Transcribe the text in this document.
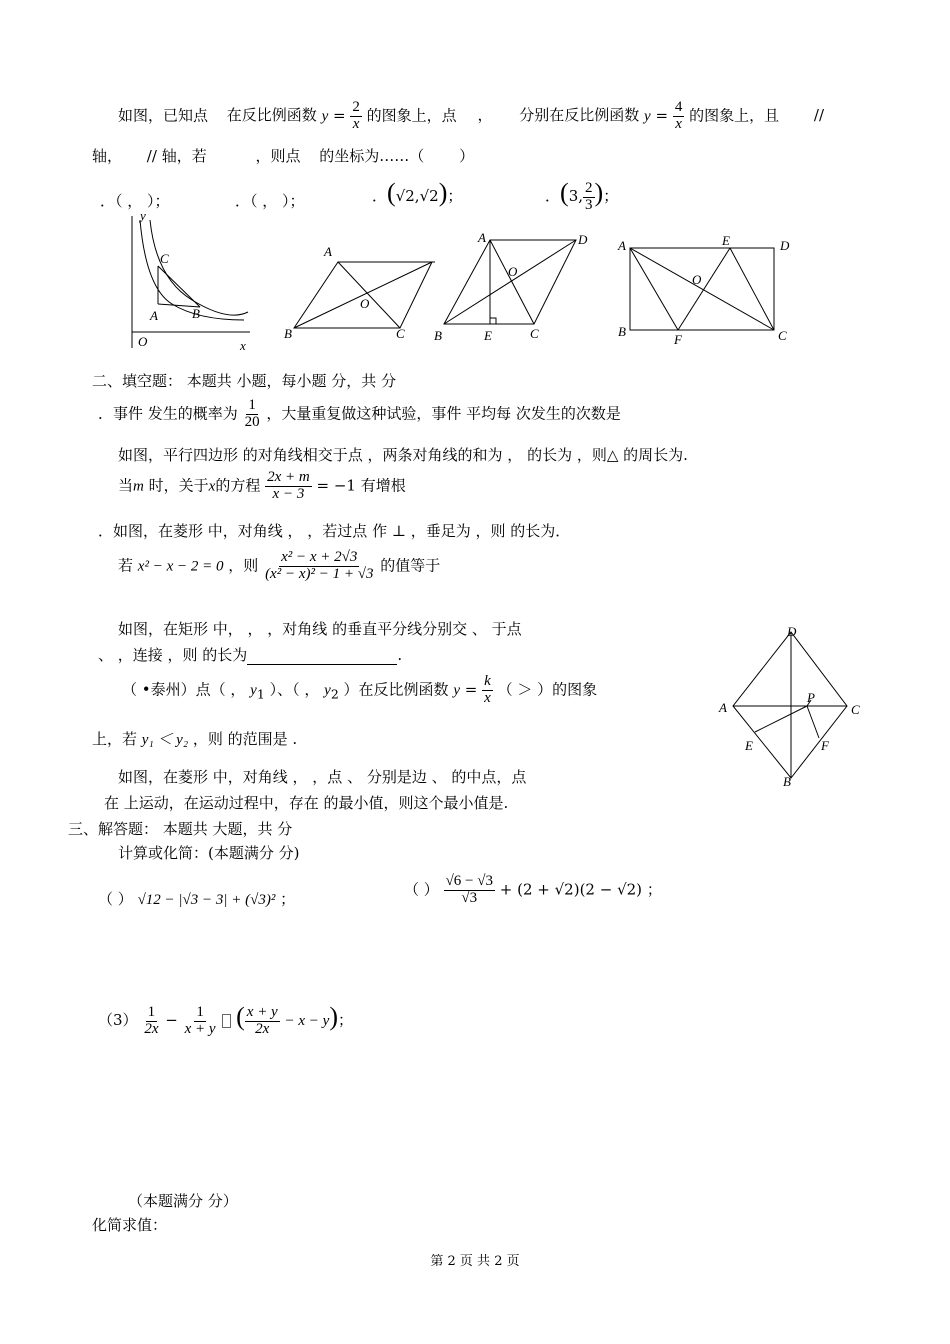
如图，已知点 在反比例函数 $y = \frac{2}{x}$ 的图象上，点 ， 分别在反比例函数 $y = \frac{4}{x}$ 的图象上，且 //
轴， // 轴，若	，则点 的坐标为……（ ）
．（ ， ）；	．（ ， ）；	．(√2,√2)；	．(3, $\frac{2}{3}$ )；
y
C
A	B
O	x
A
O
B	C
A	D
O
B	E	C
A	E	D
O
B
F	C
二、填空题： 本题共 小题，每小题 分，共 分
．事件 发生的概率为 $\frac{1}{20}$ ，大量重复做这种试验，事件 平均每 次发生的次数是
如图，平行四边形 的对角线相交于点 ，两条对角线的和为 ， 的长为 ，则△ 的周长为.
当m 时，关于x的方程 $\frac{2x + m}{x - 3} = -1$ 有增根
．如图，在菱形 中，对角线 ， ，若过点 作 ⊥ ，垂足为 ，则 的长为．
若 x² − x − 2 = 0 ，则 $\frac{\text{x² − x + 2√3}}{\text{(x² − x)² − 1 + √3}}$ 的值等于
如图，在矩形 中， ， ，对角线 的垂直平分线分别交 、 于点
、 ，连接 ，则 的长为	.
（ •泰州）点（ ， $y_1$ ）、（ ， $y_2$ ）在反比例函数 $y = \frac{k}{x}$ （ ＞ ）的图象
上，若 y₁ ＜ y₂ ，则 的范围是 .
如图，在菱形 中，对角线 ， ，点 、 分别是边 、 的中点，点
在 上运动，在运动过程中，存在 的最小值，则这个最小值是.
D
P
A	C
E	F
B
三、解答题： 本题共 大题，共 分
计算或化简：(本题满分 分)
（ ） √12 − |√3 − 3| + (√3)² ；
（ ） $\frac{√6 - √3}{√3} + (2 + √2)(2 - √2)$ ；
$(3) \frac{1}{2x} - \frac{1}{x + y}$ ( $\frac{x + y}{2x} - x - y$)；
（本题满分 分）
化简求值：
第 2 页 共 2 页
